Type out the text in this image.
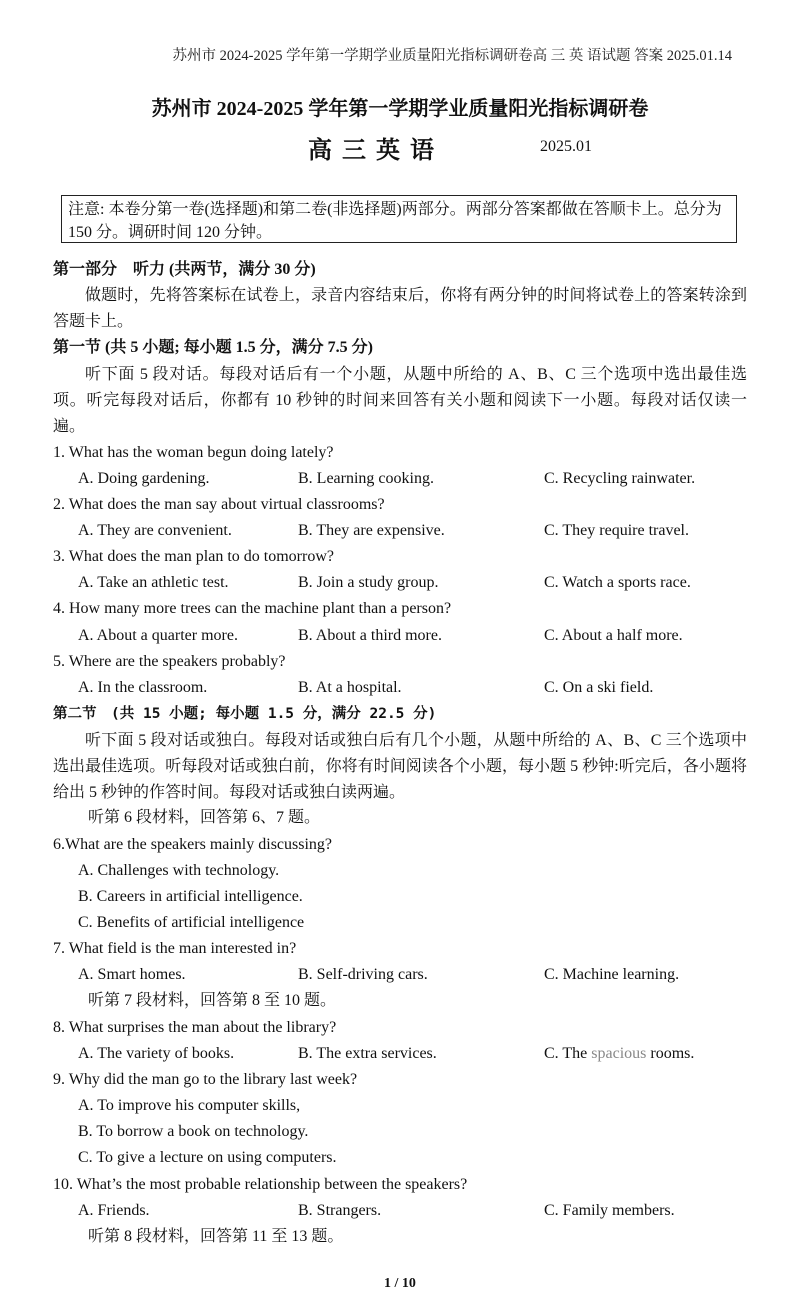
苏州市 2024-2025 学年第一学期学业质量阳光指标调研卷高 三 英 语试题 答案 2025.01.14
苏州市 2024-2025 学年第一学期学业质量阳光指标调研卷
高三英语	2025.01
注意: 本卷分第一卷(选择题)和第二卷(非选择题)两部分。两部分答案都做在答顺卡上。总分为 150 分。调研时间 120 分钟。
第一部分　听力 (共两节，满分 30 分)
做题时，先将答案标在试卷上，录音内容结束后，你将有两分钟的时间将试卷上的答案转涂到答题卡上。
第一节 (共 5 小题; 每小题 1.5 分，满分 7.5 分)
听下面 5 段对话。每段对话后有一个小题，从题中所给的 A、B、C 三个选项中选出最佳选项。听完每段对话后，你都有 10 秒钟的时间来回答有关小题和阅读下一小题。每段对话仅读一遍。
1. What has the woman begun doing lately?
A. Doing gardening.	B. Learning cooking.	C. Recycling rainwater.
2. What does the man say about virtual classrooms?
A. They are convenient.	B. They are expensive.	C. They require travel.
3. What does the man plan to do tomorrow?
A. Take an athletic test.	B. Join a study group.	C. Watch a sports race.
4. How many more trees can the machine plant than a person?
A. About a quarter more.	B. About a third more.	C. About a half more.
5. Where are the speakers probably?
A. In the classroom.	B. At a hospital.	C. On a ski field.
第二节　(共 15 小题; 每小题 1.5 分，满分 22.5 分)
听下面 5 段对话或独白。每段对话或独白后有几个小题，从题中所给的 A、B、C 三个选项中选出最佳选项。听每段对话或独白前，你将有时间阅读各个小题，每小题 5 秒钟:听完后，各小题将给出 5 秒钟的作答时间。每段对话或独白读两遍。
听第 6 段材料，回答第 6、7 题。
6.What are the speakers mainly discussing?
A. Challenges with technology.
B. Careers in artificial intelligence.
C. Benefits of artificial intelligence
7. What field is the man interested in?
A. Smart homes.	B. Self-driving cars.	C. Machine learning.
听第 7 段材料，回答第 8 至 10 题。
8. What surprises the man about the library?
A. The variety of books.	B. The extra services.	C. The spacious rooms.
9. Why did the man go to the library last week?
A. To improve his computer skills,
B. To borrow a book on technology.
C. To give a lecture on using computers.
10. What’s the most probable relationship between the speakers?
A. Friends.	B. Strangers.	C. Family members.
听第 8 段材料，回答第 11 至 13 题。
1 / 10
